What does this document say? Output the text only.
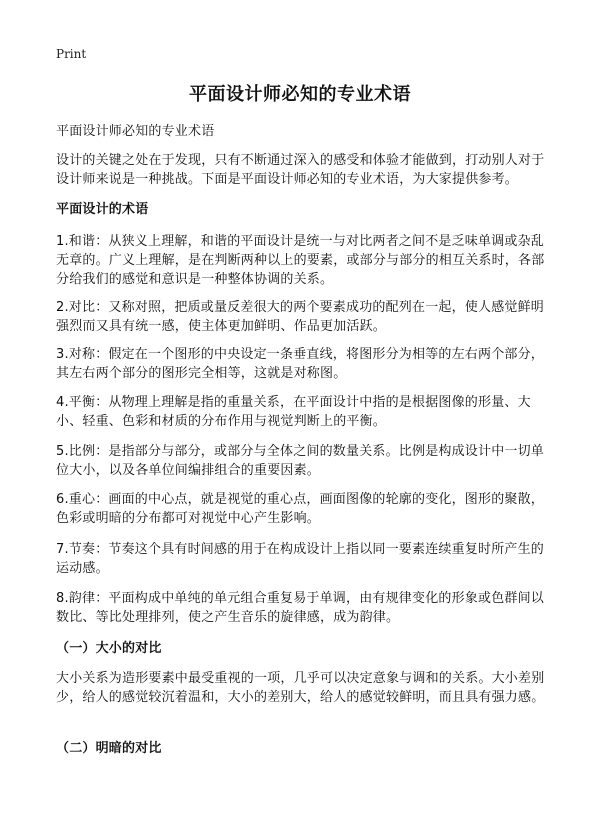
Print
平面设计师必知的专业术语

平面设计师必知的专业术语

设计的关键之处在于发现，只有不断通过深入的感受和体验才能做到，打动别人对于设计师来说是一种挑战。下面是平面设计师必知的专业术语，为大家提供参考。

平面设计的术语

1.和谐：从狭义上理解，和谐的平面设计是统一与对比两者之间不是乏味单调或杂乱无章的。广义上理解，是在判断两种以上的要素，或部分与部分的相互关系时，各部分给我们的感觉和意识是一种整体协调的关系。

2.对比：又称对照，把质或量反差很大的两个要素成功的配列在一起，使人感觉鲜明强烈而又具有统一感，使主体更加鲜明、作品更加活跃。

3.对称：假定在一个图形的中央设定一条垂直线，将图形分为相等的左右两个部分，其左右两个部分的图形完全相等，这就是对称图。

4.平衡：从物理上理解是指的重量关系，在平面设计中指的是根据图像的形量、大小、轻重、色彩和材质的分布作用与视觉判断上的平衡。

5.比例：是指部分与部分，或部分与全体之间的数量关系。比例是构成设计中一切单位大小，以及各单位间编排组合的重要因素。

6.重心：画面的中心点，就是视觉的重心点，画面图像的轮廓的变化，图形的聚散，色彩或明暗的分布都可对视觉中心产生影响。

7.节奏：节奏这个具有时间感的用于在构成设计上指以同一要素连续重复时所产生的运动感。

8.韵律：平面构成中单纯的单元组合重复易于单调，由有规律变化的形象或色群间以数比、等比处理排列，使之产生音乐的旋律感，成为韵律。

（一）大小的对比

大小关系为造形要素中最受重视的一项，几乎可以决定意象与调和的关系。大小差别少，给人的感觉较沉着温和，大小的差别大，给人的感觉较鲜明，而且具有强力感。

（二）明暗的对比
